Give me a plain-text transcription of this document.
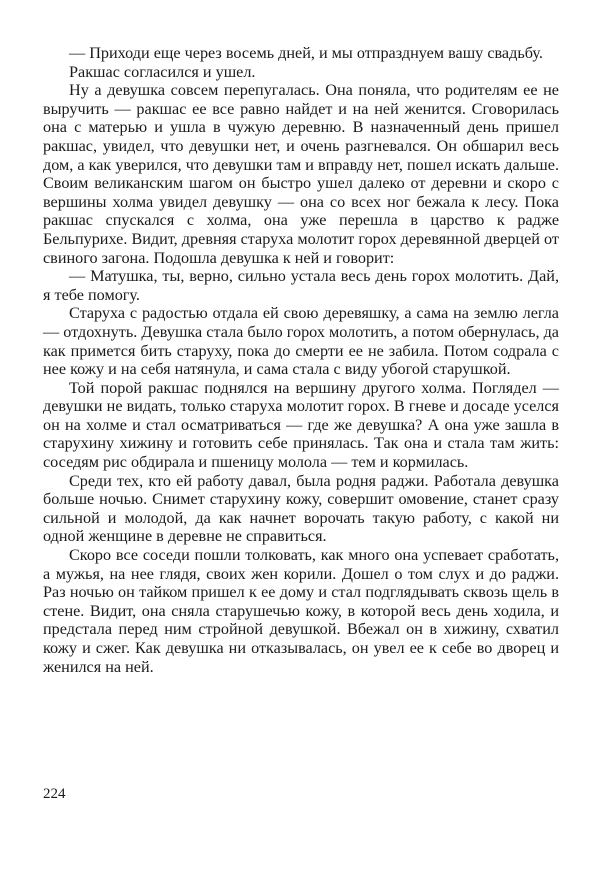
— Приходи еще через восемь дней, и мы отпразднуем вашу свадьбу.

Ракшас согласился и ушел.

Ну а девушка совсем перепугалась. Она поняла, что родителям ее не выручить — ракшас ее все равно найдет и на ней женится. Сговорилась она с матерью и ушла в чужую деревню. В назначенный день пришел ракшас, увидел, что девушки нет, и очень разгневался. Он обшарил весь дом, а как уверился, что девушки там и вправду нет, пошел искать дальше. Своим великанским шагом он быстро ушел далеко от деревни и скоро с вершины холма увидел девушку — она со всех ног бежала к лесу. Пока ракшас спускался с холма, она уже перешла в царство к радже Бельпурихе. Видит, древняя старуха молотит горох деревянной дверцей от свиного загона. Подошла девушка к ней и говорит:

— Матушка, ты, верно, сильно устала весь день горох молотить. Дай, я тебе помогу.

Старуха с радостью отдала ей свою деревяшку, а сама на землю легла — отдохнуть. Девушка стала было горох молотить, а потом обернулась, да как примется бить старуху, пока до смерти ее не забила. Потом содрала с нее кожу и на себя натянула, и сама стала с виду убогой старушкой.

Той порой ракшас поднялся на вершину другого холма. Поглядел — девушки не видать, только старуха молотит горох. В гневе и досаде уселся он на холме и стал осматриваться — где же девушка? А она уже зашла в старухину хижину и готовить себе принялась. Так она и стала там жить: соседям рис обдирала и пшеницу молола — тем и кормилась.

Среди тех, кто ей работу давал, была родня раджи. Работала девушка больше ночью. Снимет старухину кожу, совершит омовение, станет сразу сильной и молодой, да как начнет ворочать такую работу, с какой ни одной женщине в деревне не справиться.

Скоро все соседи пошли толковать, как много она успевает сработать, а мужья, на нее глядя, своих жен корили. Дошел о том слух и до раджи. Раз ночью он тайком пришел к ее дому и стал подглядывать сквозь щель в стене. Видит, она сняла старушечью кожу, в которой весь день ходила, и предстала перед ним стройной девушкой. Вбежал он в хижину, схватил кожу и сжег. Как девушка ни отказывалась, он увел ее к себе во дворец и женился на ней.

224
